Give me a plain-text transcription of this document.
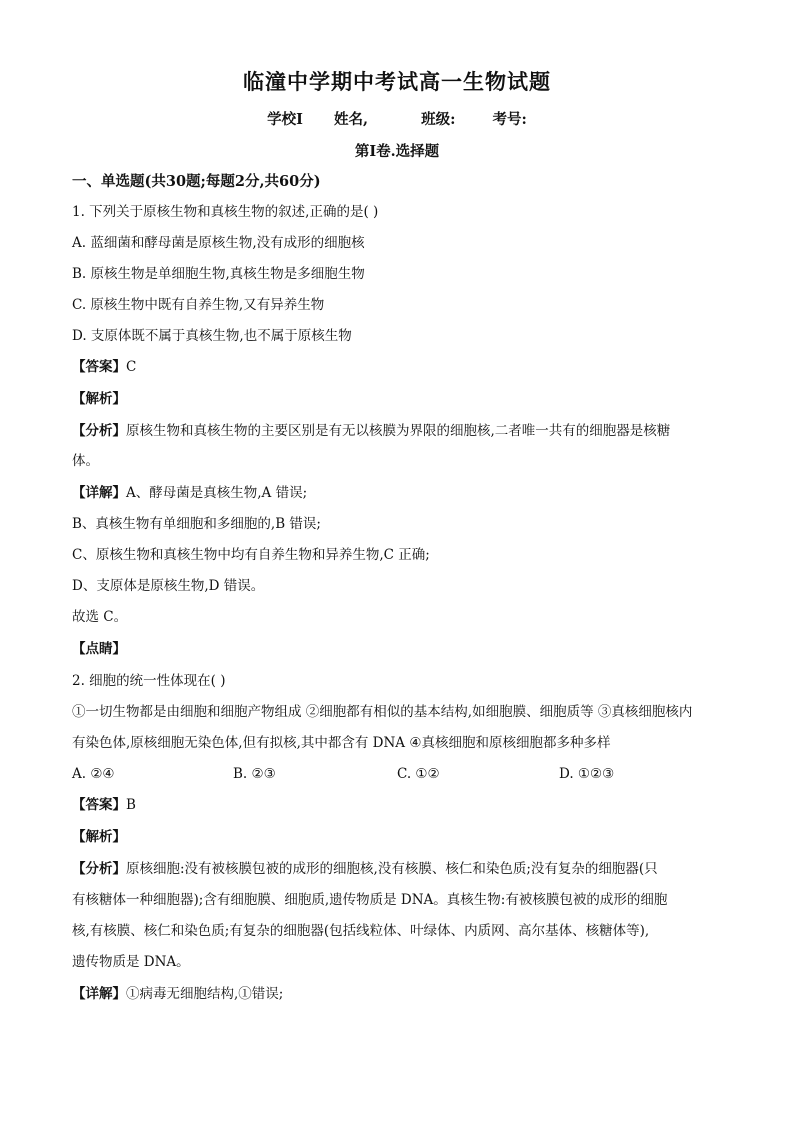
临潼中学期中考试高一生物试题
学校I 姓名,	班级:	考号:
第I卷.选择题
一、单选题(共30题;每题2分,共60分)
1. 下列关于原核生物和真核生物的叙述,正确的是( )
A. 蓝细菌和酵母菌是原核生物,没有成形的细胞核
B. 原核生物是单细胞生物,真核生物是多细胞生物
C. 原核生物中既有自养生物,又有异养生物
D. 支原体既不属于真核生物,也不属于原核生物
【答案】C
【解析】
【分析】原核生物和真核生物的主要区别是有无以核膜为界限的细胞核,二者唯一共有的细胞器是核糖
体。
【详解】A、酵母菌是真核生物,A 错误;
B、真核生物有单细胞和多细胞的,B 错误;
C、原核生物和真核生物中均有自养生物和异养生物,C 正确;
D、支原体是原核生物,D 错误。
故选 C。
【点睛】
2. 细胞的统一性体现在( )
①一切生物都是由细胞和细胞产物组成 ②细胞都有相似的基本结构,如细胞膜、细胞质等 ③真核细胞核内
有染色体,原核细胞无染色体,但有拟核,其中都含有 DNA ④真核细胞和原核细胞都多种多样
A. ②④	B. ②③	C. ①②	D. ①②③
【答案】B
【解析】
【分析】原核细胞:没有被核膜包被的成形的细胞核,没有核膜、核仁和染色质;没有复杂的细胞器(只
有核糖体一种细胞器);含有细胞膜、细胞质,遗传物质是 DNA。真核生物:有被核膜包被的成形的细胞
核,有核膜、核仁和染色质;有复杂的细胞器(包括线粒体、叶绿体、内质网、高尔基体、核糖体等),
遗传物质是 DNA。
【详解】①病毒无细胞结构,①错误;
